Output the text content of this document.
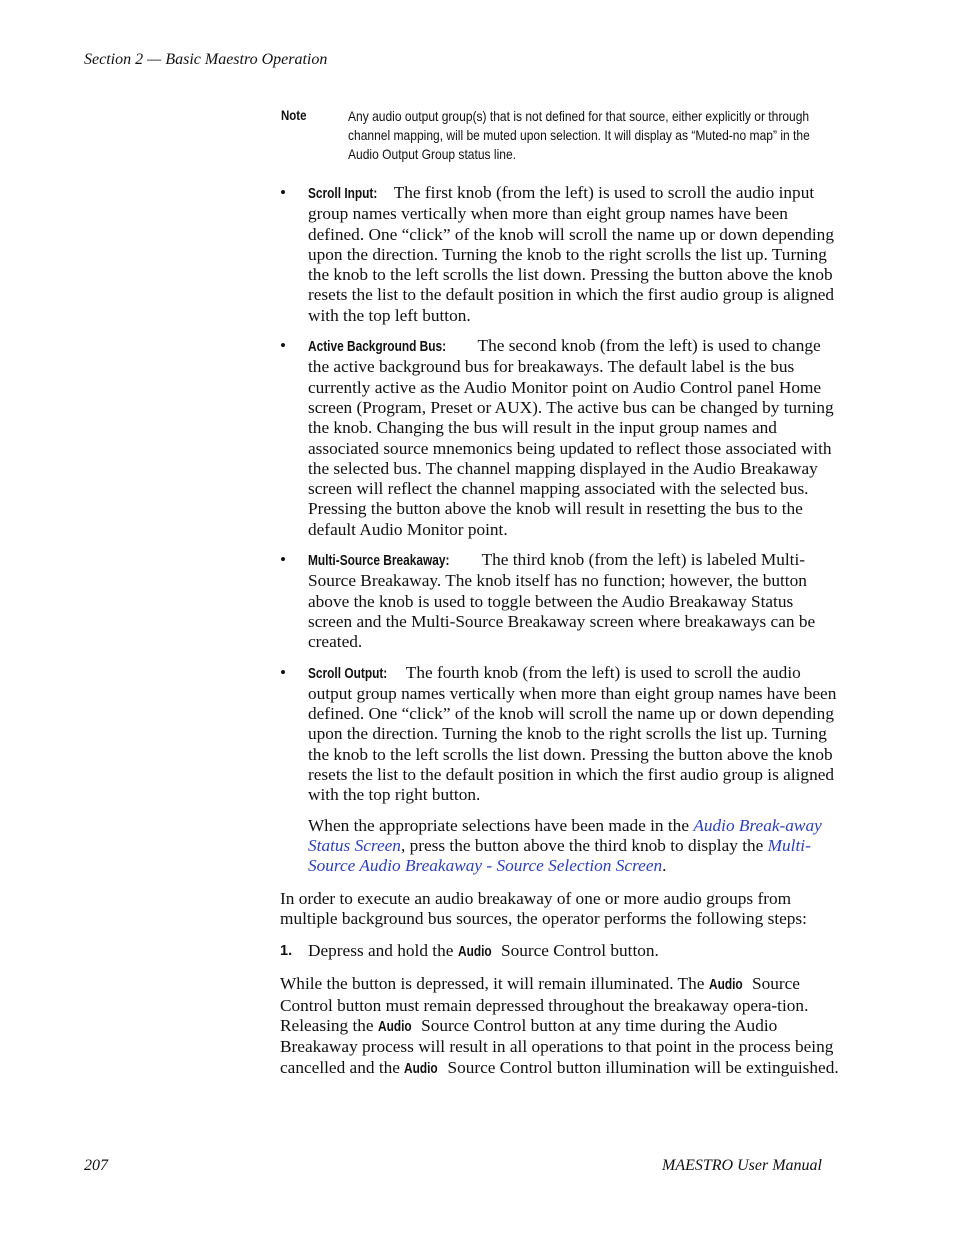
Section 2 — Basic Maestro Operation
Note	Any audio output group(s) that is not defined for that source, either explicitly or through channel mapping, will be muted upon selection. It will display as “Muted-no map” in the Audio Output Group status line.
• Scroll Input: The first knob (from the left) is used to scroll the audio input group names vertically when more than eight group names have been defined. One “click” of the knob will scroll the name up or down depending upon the direction. Turning the knob to the right scrolls the list up. Turning the knob to the left scrolls the list down. Pressing the button above the knob resets the list to the default position in which the first audio group is aligned with the top left button.

• Active Background Bus: The second knob (from the left) is used to change the active background bus for breakaways. The default label is the bus currently active as the Audio Monitor point on Audio Control panel Home screen (Program, Preset or AUX). The active bus can be changed by turning the knob. Changing the bus will result in the input group names and associated source mnemonics being updated to reflect those associated with the selected bus. The channel mapping displayed in the Audio Breakaway screen will reflect the channel mapping associated with the selected bus. Pressing the button above the knob will result in resetting the bus to the default Audio Monitor point.

• Multi-Source Breakaway: The third knob (from the left) is labeled Multi-Source Breakaway. The knob itself has no function; however, the button above the knob is used to toggle between the Audio Breakaway Status screen and the Multi-Source Breakaway screen where breakaways can be created.

• Scroll Output: The fourth knob (from the left) is used to scroll the audio output group names vertically when more than eight group names have been defined. One “click” of the knob will scroll the name up or down depending upon the direction. Turning the knob to the right scrolls the list up. Turning the knob to the left scrolls the list down. Pressing the button above the knob resets the list to the default position in which the first audio group is aligned with the top right button.

When the appropriate selections have been made in the Audio Break-away Status Screen, press the button above the third knob to display the Multi-Source Audio Breakaway - Source Selection Screen.

In order to execute an audio breakaway of one or more audio groups from multiple background bus sources, the operator performs the following steps:

1. Depress and hold the Audio Source Control button.

While the button is depressed, it will remain illuminated. The Audio Source Control button must remain depressed throughout the breakaway opera-tion. Releasing the Audio Source Control button at any time during the Audio Breakaway process will result in all operations to that point in the process being cancelled and the Audio Source Control button illumination will be extinguished.

207	MAESTRO User Manual
